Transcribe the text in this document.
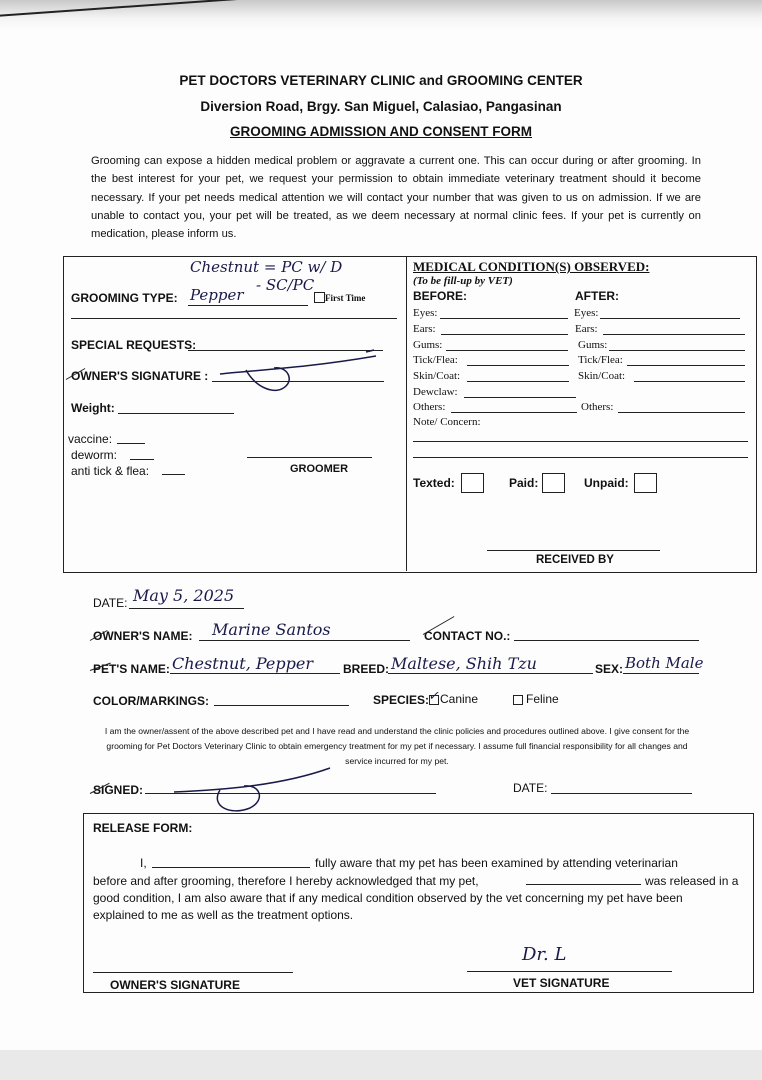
PET DOCTORS VETERINARY CLINIC and GROOMING CENTER
Diversion Road, Brgy. San Miguel, Calasiao, Pangasinan
GROOMING ADMISSION AND CONSENT FORM
Grooming can expose a hidden medical problem or aggravate a current one. This can occur during or after grooming. In the best interest for your pet, we request your permission to obtain immediate veterinary treatment should it become necessary. If your pet needs medical attention we will contact your number that was given to us on admission. If we are unable to contact you, your pet will be treated, as we deem necessary at normal clinic fees. If your pet is currently on medication, please inform us.
Chestnut = PC w/ D
GROOMING TYPE: Pepper
- SC/PC
First Time
SPECIAL REQUESTS:
OWNER'S SIGNATURE :
Weight:
vaccine:
deworm:
anti tick & flea:	GROOMER
MEDICAL CONDITION(S) OBSERVED:
(To be fill-up by VET)
BEFORE:	AFTER:
Eyes:	Eyes:
Ears:	Ears:
Gums:	Gums:
Tick/Flea:	Tick/Flea:
Skin/Coat:	Skin/Coat:
Dewclaw:
Others:	Others:
Note/ Concern:
Texted:	Paid:	Unpaid:
RECEIVED BY
DATE: May 5, 2025
OWNER'S NAME: Marine Santos	CONTACT NO.:
PET'S NAME: Chestnut, Pepper	BREED: Maltese, Shih Tzu	SEX: Both Male
COLOR/MARKINGS:	SPECIES:
✓ Canine	Feline
I am the owner/assent of the above described pet and I have read and understand the clinic policies and procedures outlined above. I give consent for the grooming for Pet Doctors Veterinary Clinic to obtain emergency treatment for my pet if necessary. I assume full financial responsibility for all changes and service incurred for my pet.
SIGNED:	DATE:
RELEASE FORM:
I,	fully aware that my pet has been examined by attending veterinarian
before and after grooming, therefore I hereby acknowledged that my pet,	was released in a
good condition, I am also aware that if any medical condition observed by the vet concerning my pet have been
explained to me as well as the treatment options.
OWNER'S SIGNATURE
Dr. L
VET SIGNATURE
